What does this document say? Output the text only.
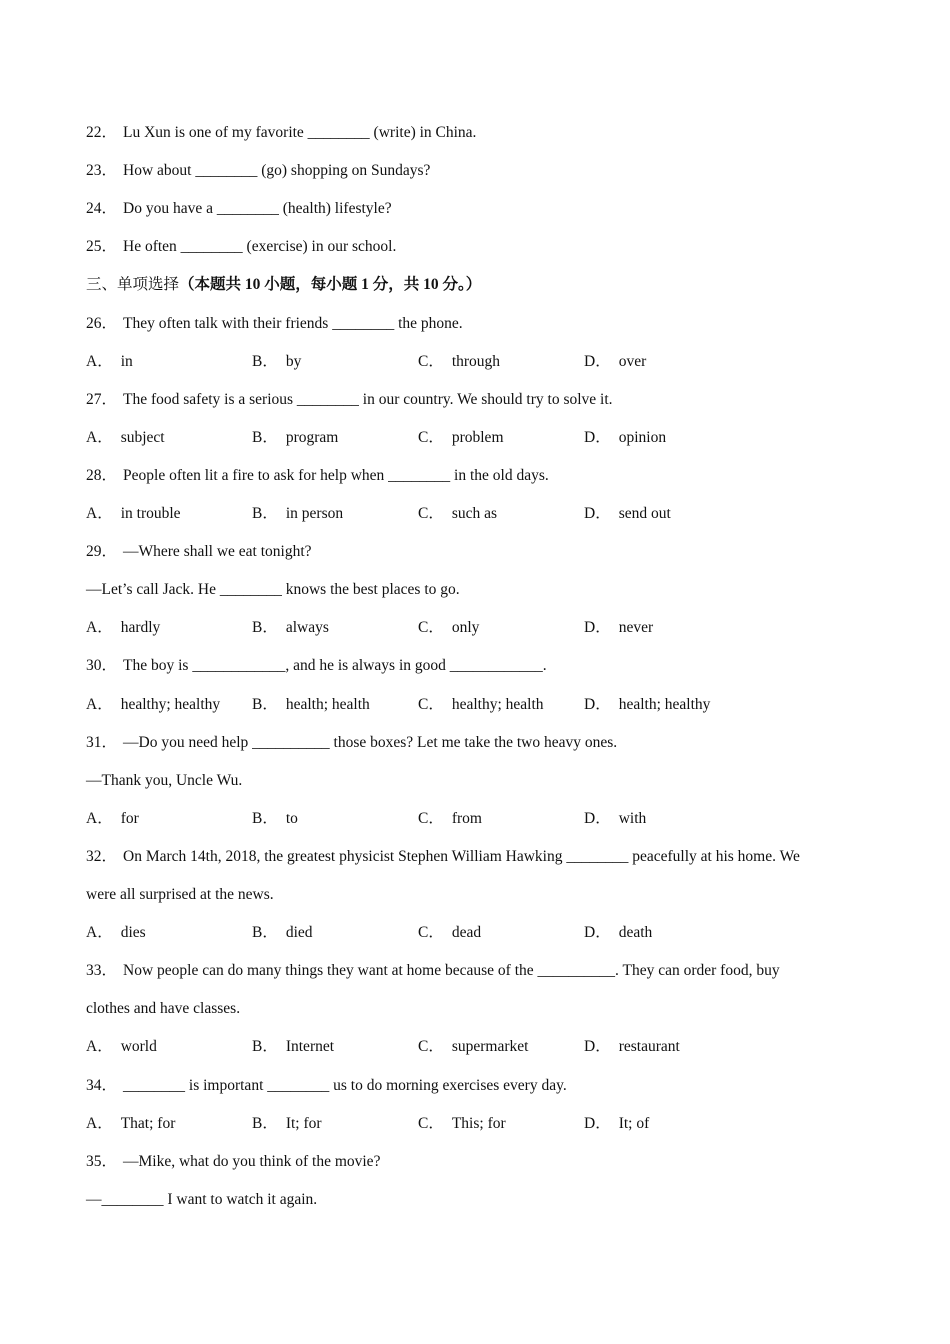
22． Lu Xun is one of my favorite ________ (write) in China.
23． How about ________ (go) shopping on Sundays?
24． Do you have a ________ (health) lifestyle?
25． He often ________ (exercise) in our school.
三、单项选择（本题共 10 小题，每小题 1 分，共 10 分。）
26． They often talk with their friends ________ the phone.
A． in	B． by	C． through	D． over
27． The food safety is a serious ________ in our country. We should try to solve it.
A． subject	B． program	C． problem	D． opinion
28． People often lit a fire to ask for help when ________ in the old days.
A． in trouble	B． in person	C． such as	D． send out
29． —Where shall we eat tonight?
—Let’s call Jack. He ________ knows the best places to go.
A． hardly	B． always	C． only	D． never
30． The boy is ____________, and he is always in good ____________.
A． healthy; healthy	B． health; health	C． healthy; health	D． health; healthy
31． —Do you need help __________ those boxes? Let me take the two heavy ones.
—Thank you, Uncle Wu.
A． for	B． to	C． from	D． with
32． On March 14th, 2018, the greatest physicist Stephen William Hawking ________ peacefully at his home. We
were all surprised at the news.
A． dies	B． died	C． dead	D． death
33． Now people can do many things they want at home because of the __________. They can order food, buy
clothes and have classes.
A． world	B． Internet	C． supermarket	D． restaurant
34． ________ is important ________ us to do morning exercises every day.
A． That; for	B． It; for	C． This; for	D． It; of
35． —Mike, what do you think of the movie?
—________ I want to watch it again.
